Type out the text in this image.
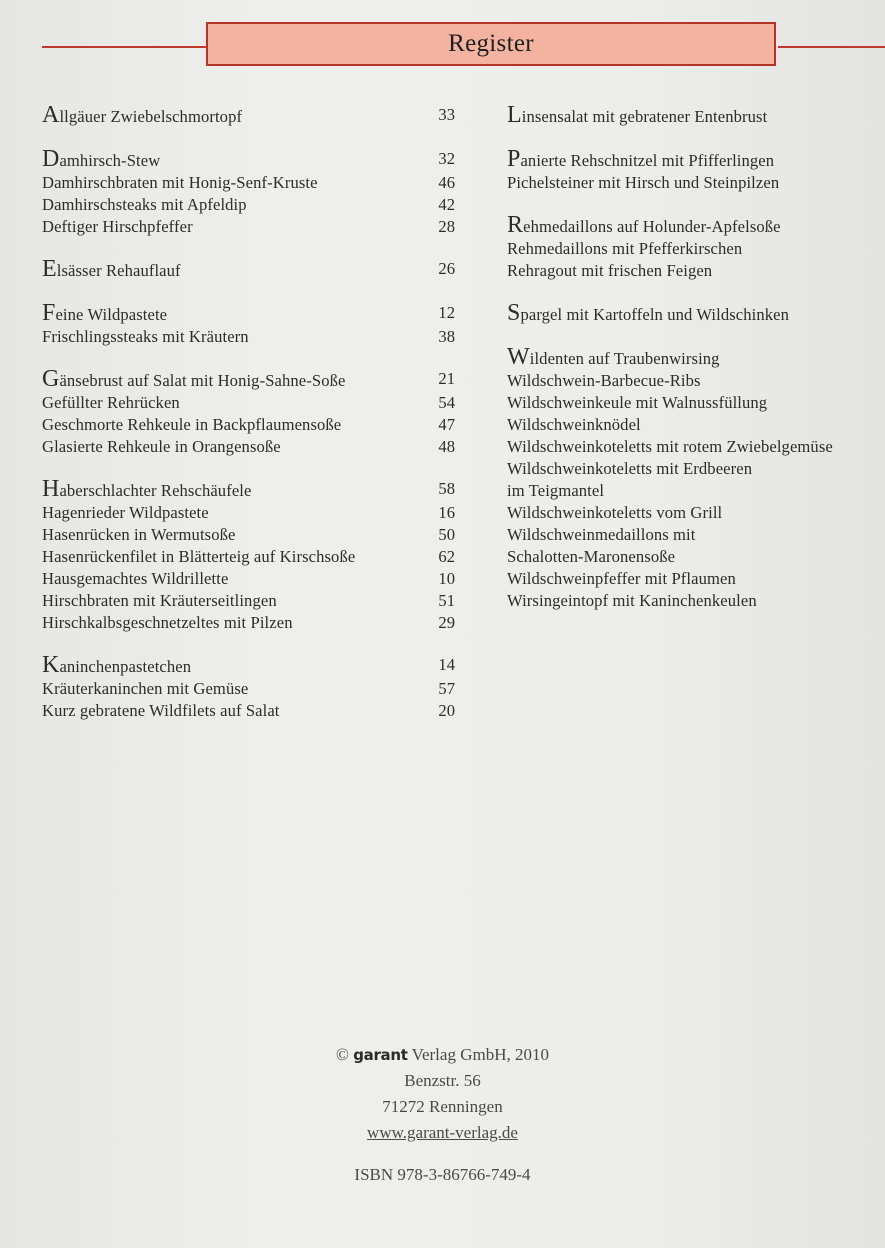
Register
Allgäuer Zwiebelschmortopf	33
Damhirsch-Stew	32
Damhirschbraten mit Honig-Senf-Kruste	46
Damhirschsteaks mit Apfeldip	42
Deftiger Hirschpfeffer	28
Elsässer Rehauflauf	26
Feine Wildpastete	12
Frischlingssteaks mit Kräutern	38
Gänsebrust auf Salat mit Honig-Sahne-Soße	21
Gefüllter Rehrücken	54
Geschmorte Rehkeule in Backpflaumensoße	47
Glasierte Rehkeule in Orangensoße	48
Haberschlachter Rehschäufele	58
Hagenrieder Wildpastete	16
Hasenrücken in Wermutsoße	50
Hasenrückenfilet in Blätterteig auf Kirschsoße	62
Hausgemachtes Wildrillette	10
Hirschbraten mit Kräuterseitlingen	51
Hirschkalbsgeschnetzeltes mit Pilzen	29
Kaninchenpastetchen	14
Kräuterkaninchen mit Gemüse	57
Kurz gebratene Wildfilets auf Salat	20
Linsensalat mit gebratener Entenbrust
Panierte Rehschnitzel mit Pfifferlingen
Pichelsteiner mit Hirsch und Steinpilzen
Rehmedaillons auf Holunder-Apfelsoße
Rehmedaillons mit Pfefferkirschen
Rehragout mit frischen Feigen
Spargel mit Kartoffeln und Wildschinken
Wildenten auf Traubenwirsing
Wildschwein-Barbecue-Ribs
Wildschweinkeule mit Walnussfüllung
Wildschweinknödel
Wildschweinkoteletts mit rotem Zwiebelgemüse
Wildschweinkoteletts mit Erdbeeren
im Teigmantel
Wildschweinkoteletts vom Grill
Wildschweinmedaillons mit
Schalotten-Maronensoße
Wildschweinpfeffer mit Pflaumen
Wirsingeintopf mit Kaninchenkeulen
© garant Verlag GmbH, 2010
Benzstr. 56
71272 Renningen
www.garant-verlag.de
ISBN 978-3-86766-749-4
